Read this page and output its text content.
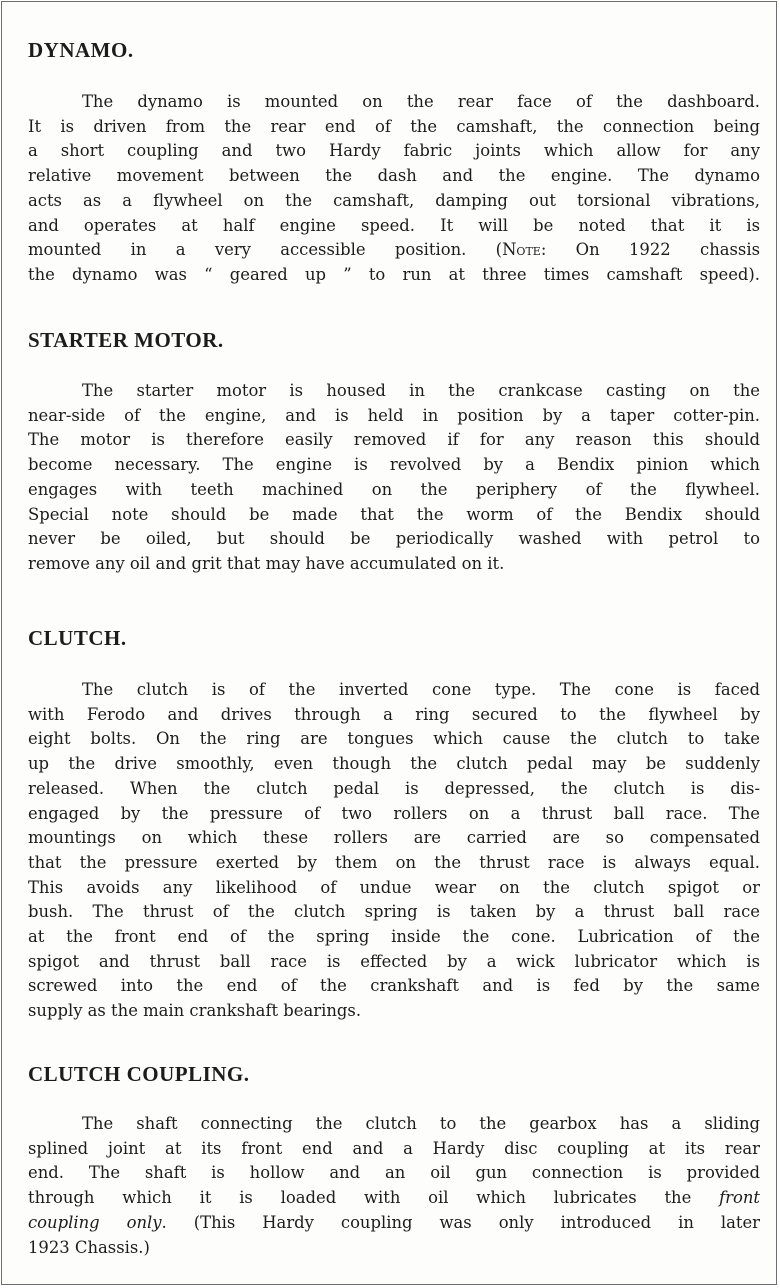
DYNAMO.

The dynamo is mounted on the rear face of the dashboard.
It is driven from the rear end of the camshaft, the connection being
a short coupling and two Hardy fabric joints which allow for any
relative movement between the dash and the engine. The dynamo
acts as a flywheel on the camshaft, damping out torsional vibrations,
and operates at half engine speed. It will be noted that it is
mounted in a very accessible position. (Note: On 1922 chassis
the dynamo was “ geared up ” to run at three times camshaft speed).

STARTER MOTOR.

The starter motor is housed in the crankcase casting on the
near-side of the engine, and is held in position by a taper cotter-pin.
The motor is therefore easily removed if for any reason this should
become necessary. The engine is revolved by a Bendix pinion which
engages with teeth machined on the periphery of the flywheel.
Special note should be made that the worm of the Bendix should
never be oiled, but should be periodically washed with petrol to
remove any oil and grit that may have accumulated on it.

CLUTCH.

The clutch is of the inverted cone type. The cone is faced
with Ferodo and drives through a ring secured to the flywheel by
eight bolts. On the ring are tongues which cause the clutch to take
up the drive smoothly, even though the clutch pedal may be suddenly
released. When the clutch pedal is depressed, the clutch is dis-
engaged by the pressure of two rollers on a thrust ball race. The
mountings on which these rollers are carried are so compensated
that the pressure exerted by them on the thrust race is always equal.
This avoids any likelihood of undue wear on the clutch spigot or
bush. The thrust of the clutch spring is taken by a thrust ball race
at the front end of the spring inside the cone. Lubrication of the
spigot and thrust ball race is effected by a wick lubricator which is
screwed into the end of the crankshaft and is fed by the same
supply as the main crankshaft bearings.

CLUTCH COUPLING.

The shaft connecting the clutch to the gearbox has a sliding
splined joint at its front end and a Hardy disc coupling at its rear
end. The shaft is hollow and an oil gun connection is provided
through which it is loaded with oil which lubricates the front
coupling only. (This Hardy coupling was only introduced in later
1923 Chassis.)
